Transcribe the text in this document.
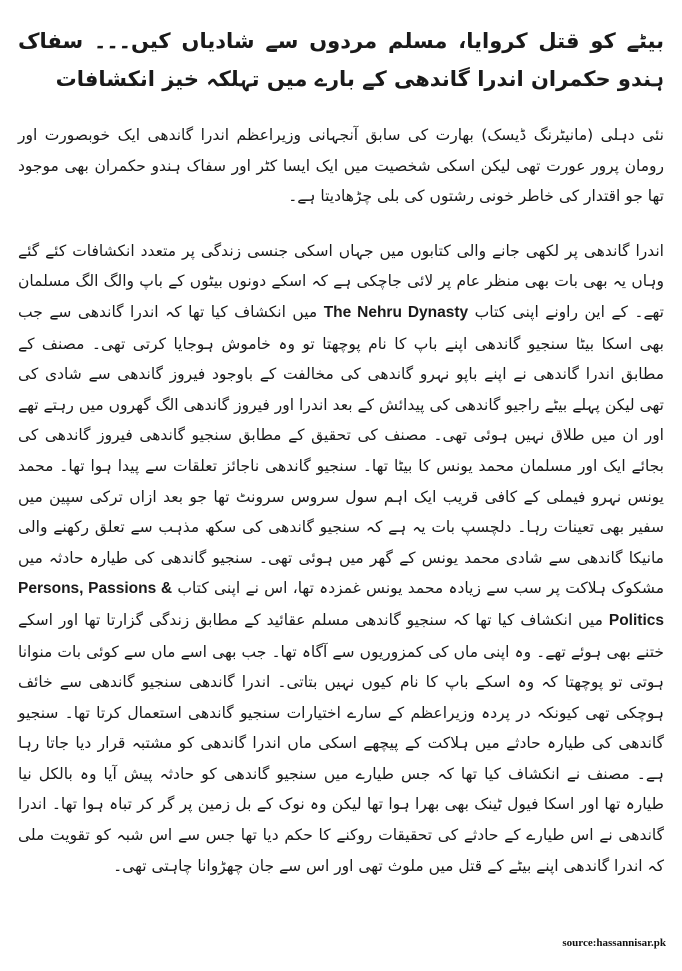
بیٹے کو قتل کروایا، مسلم مردوں سے شادیاں کیں۔۔۔ سفاک ہندو حکمران اندرا گاندھی کے بارے میں تہلکہ خیز انکشافات

نئی دہلی (مانیٹرنگ ڈیسک) بھارت کی سابق آنجہانی وزیراعظم اندرا گاندھی ایک خوبصورت اور رومان پرور عورت تھی لیکن اسکی شخصیت میں ایک ایسا کٹر اور سفاک ہندو حکمران بھی موجود تھا جو اقتدار کی خاطر خونی رشتوں کی بلی چڑھادیتا ہے۔

اندرا گاندھی پر لکھی جانے والی کتابوں میں جہاں اسکی جنسی زندگی پر متعدد انکشافات کئے گئے وہاں یہ بھی بات بھی منظر عام پر لائی جاچکی ہے کہ اسکے دونوں بیٹوں کے باپ والگ الگ مسلمان تھے۔ کے این راونے اپنی کتاب The Nehru Dynasty میں انکشاف کیا تھا کہ اندرا گاندھی سے جب بھی اسکا بیٹا سنجیو گاندھی اپنے باپ کا نام پوچھتا تو وہ خاموش ہوجایا کرتی تھی۔ مصنف کے مطابق اندرا گاندھی نے اپنے باپو نہرو گاندھی کی مخالفت کے باوجود فیروز گاندھی سے شادی کی تھی لیکن پہلے بیٹے راجیو گاندھی کی پیدائش کے بعد اندرا اور فیروز گاندھی الگ گھروں میں رہتے تھے اور ان میں طلاق نہیں ہوئی تھی۔ مصنف کی تحقیق کے مطابق سنجیو گاندھی فیروز گاندھی کی بجائے ایک اور مسلمان محمد یونس کا بیٹا تھا۔ سنجیو گاندھی ناجائز تعلقات سے پیدا ہوا تھا۔ محمد یونس نہرو فیملی کے کافی قریب ایک اہم سول سروس سرونٹ تھا جو بعد ازاں ترکی سپین میں سفیر بھی تعینات رہا۔ دلچسپ بات یہ ہے کہ سنجیو گاندھی کی سکھ مذہب سے تعلق رکھنے والی مانیکا گاندھی سے شادی محمد یونس کے گھر میں ہوئی تھی۔ سنجیو گاندھی کی طیارہ حادثہ میں مشکوک ہلاکت پر سب سے زیادہ محمد یونس غمزدہ تھا، اس نے اپنی کتاب Persons, Passions & Politics میں انکشاف کیا تھا کہ سنجیو گاندھی مسلم عقائید کے مطابق زندگی گزارتا تھا اور اسکے ختنے بھی ہوئے تھے۔ وہ اپنی ماں کی کمزوریوں سے آگاہ تھا۔ جب بھی اسے ماں سے کوئی بات منوانا ہوتی تو پوچھتا کہ وہ اسکے باپ کا نام کیوں نہیں بتاتی۔ اندرا گاندھی سنجیو گاندھی سے خائف ہوچکی تھی کیونکہ در پردہ وزیراعظم کے سارے اختیارات سنجیو گاندھی استعمال کرتا تھا۔ سنجیو گاندھی کی طیارہ حادثے میں ہلاکت کے پیچھے اسکی ماں اندرا گاندھی کو مشتبہ قرار دیا جاتا رہا ہے۔ مصنف نے انکشاف کیا تھا کہ جس طیارے میں سنجیو گاندھی کو حادثہ پیش آیا وہ بالکل نیا طیارہ تھا اور اسکا فیول ٹینک بھی بھرا ہوا تھا لیکن وہ نوک کے بل زمین پر گر کر تباہ ہوا تھا۔ اندرا گاندھی نے اس طیارے کے حادثے کی تحقیقات روکنے کا حکم دیا تھا جس سے اس شبہ کو تقویت ملی کہ اندرا گاندھی اپنے بیٹے کے قتل میں ملوث تھی اور اس سے جان چھڑوانا چاہتی تھی۔

source:hassannisar.pk
